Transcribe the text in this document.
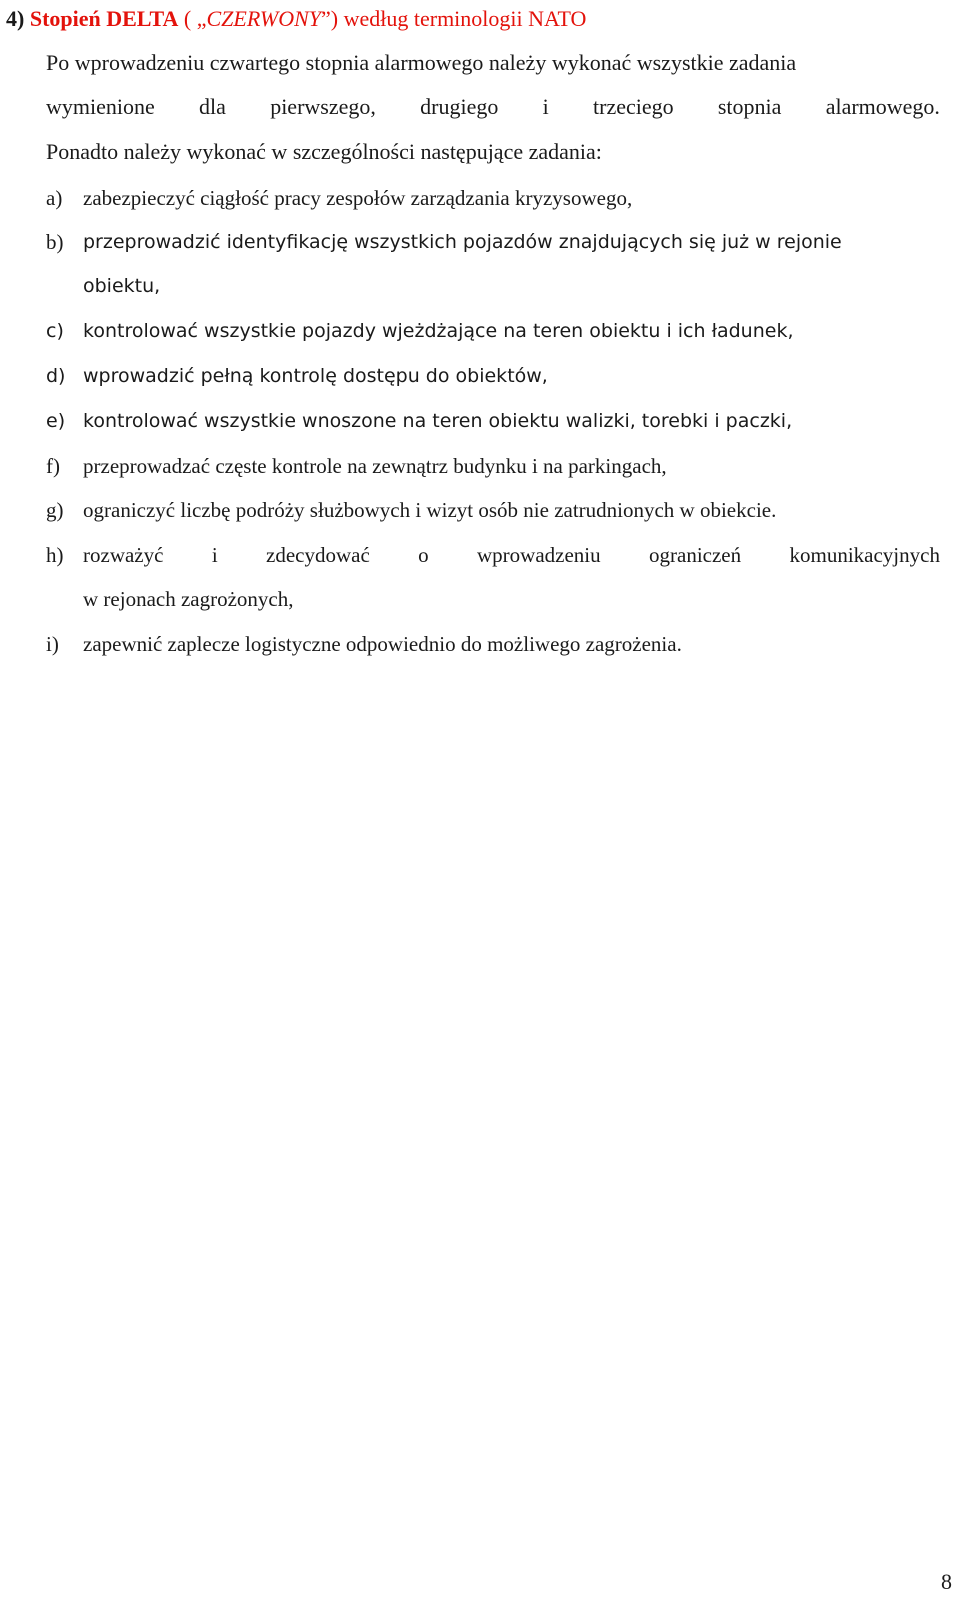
4) Stopień DELTA ( „CZERWONY”) według terminologii NATO
Po wprowadzeniu czwartego stopnia alarmowego należy wykonać wszystkie zadania
wymienione dla pierwszego, drugiego i trzeciego stopnia alarmowego.
Ponadto należy wykonać w szczególności następujące zadania:
a) zabezpieczyć ciągłość pracy zespołów zarządzania kryzysowego,
b) przeprowadzić identyfikację wszystkich pojazdów znajdujących się już w rejonie
obiektu,
c) kontrolować wszystkie pojazdy wjeżdżające na teren obiektu i ich ładunek,
d) wprowadzić pełną kontrolę dostępu do obiektów,
e) kontrolować wszystkie wnoszone na teren obiektu walizki, torebki i paczki,
f) przeprowadzać częste kontrole na zewnątrz budynku i na parkingach,
g) ograniczyć liczbę podróży służbowych i wizyt osób nie zatrudnionych w obiekcie.
h) rozważyć i zdecydować o wprowadzeniu ograniczeń komunikacyjnych
w rejonach zagrożonych,
i) zapewnić zaplecze logistyczne odpowiednio do możliwego zagrożenia.
8
